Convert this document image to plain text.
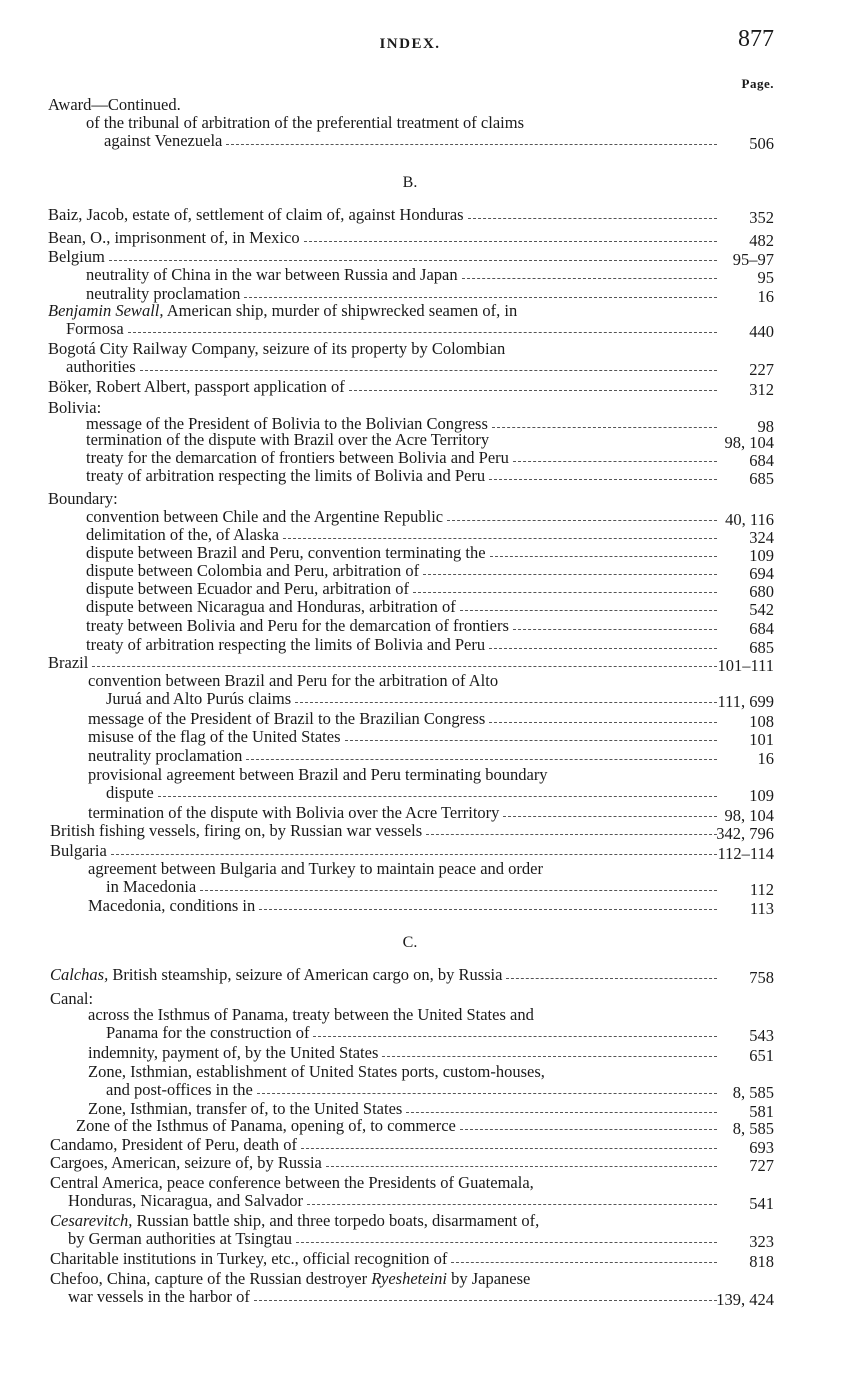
INDEX.	877
Page.
B.
C.
Award—Continued.
of the tribunal of arbitration of the preferential treatment of claims
against Venezuela	506
Baiz, Jacob, estate of, settlement of claim of, against Honduras	352
Bean, O., imprisonment of, in Mexico	482
Belgium	95–97
neutrality of China in the war between Russia and Japan	95
neutrality proclamation	16
Benjamin Sewall, American ship, murder of shipwrecked seamen of, in
Formosa	440
Bogotá City Railway Company, seizure of its property by Colombian
authorities	227
Böker, Robert Albert, passport application of	312
Bolivia:
message of the President of Bolivia to the Bolivian Congress	98
termination of the dispute with Brazil over the Acre Territory	98, 104
treaty for the demarcation of frontiers between Bolivia and Peru	684
treaty of arbitration respecting the limits of Bolivia and Peru	685
Boundary:
convention between Chile and the Argentine Republic	40, 116
delimitation of the, of Alaska	324
dispute between Brazil and Peru, convention terminating the	109
dispute between Colombia and Peru, arbitration of	694
dispute between Ecuador and Peru, arbitration of	680
dispute between Nicaragua and Honduras, arbitration of	542
treaty between Bolivia and Peru for the demarcation of frontiers	684
treaty of arbitration respecting the limits of Bolivia and Peru	685
Brazil	101–111
convention between Brazil and Peru for the arbitration of Alto
Juruá and Alto Purús claims	111, 699
message of the President of Brazil to the Brazilian Congress	108
misuse of the flag of the United States	101
neutrality proclamation	16
provisional agreement between Brazil and Peru terminating boundary
dispute	109
termination of the dispute with Bolivia over the Acre Territory	98, 104
British fishing vessels, firing on, by Russian war vessels	342, 796
Bulgaria	112–114
agreement between Bulgaria and Turkey to maintain peace and order
in Macedonia	112
Macedonia, conditions in	113
Calchas, British steamship, seizure of American cargo on, by Russia	758
Canal:
across the Isthmus of Panama, treaty between the United States and
Panama for the construction of	543
indemnity, payment of, by the United States	651
Zone, Isthmian, establishment of United States ports, custom-houses,
and post-offices in the	8, 585
Zone, Isthmian, transfer of, to the United States	581
Zone of the Isthmus of Panama, opening of, to commerce	8, 585
Candamo, President of Peru, death of	693
Cargoes, American, seizure of, by Russia	727
Central America, peace conference between the Presidents of Guatemala,
Honduras, Nicaragua, and Salvador	541
Cesarevitch, Russian battle ship, and three torpedo boats, disarmament of,
by German authorities at Tsingtau	323
Charitable institutions in Turkey, etc., official recognition of	818
Chefoo, China, capture of the Russian destroyer Ryesheteini by Japanese
war vessels in the harbor of	139, 424
